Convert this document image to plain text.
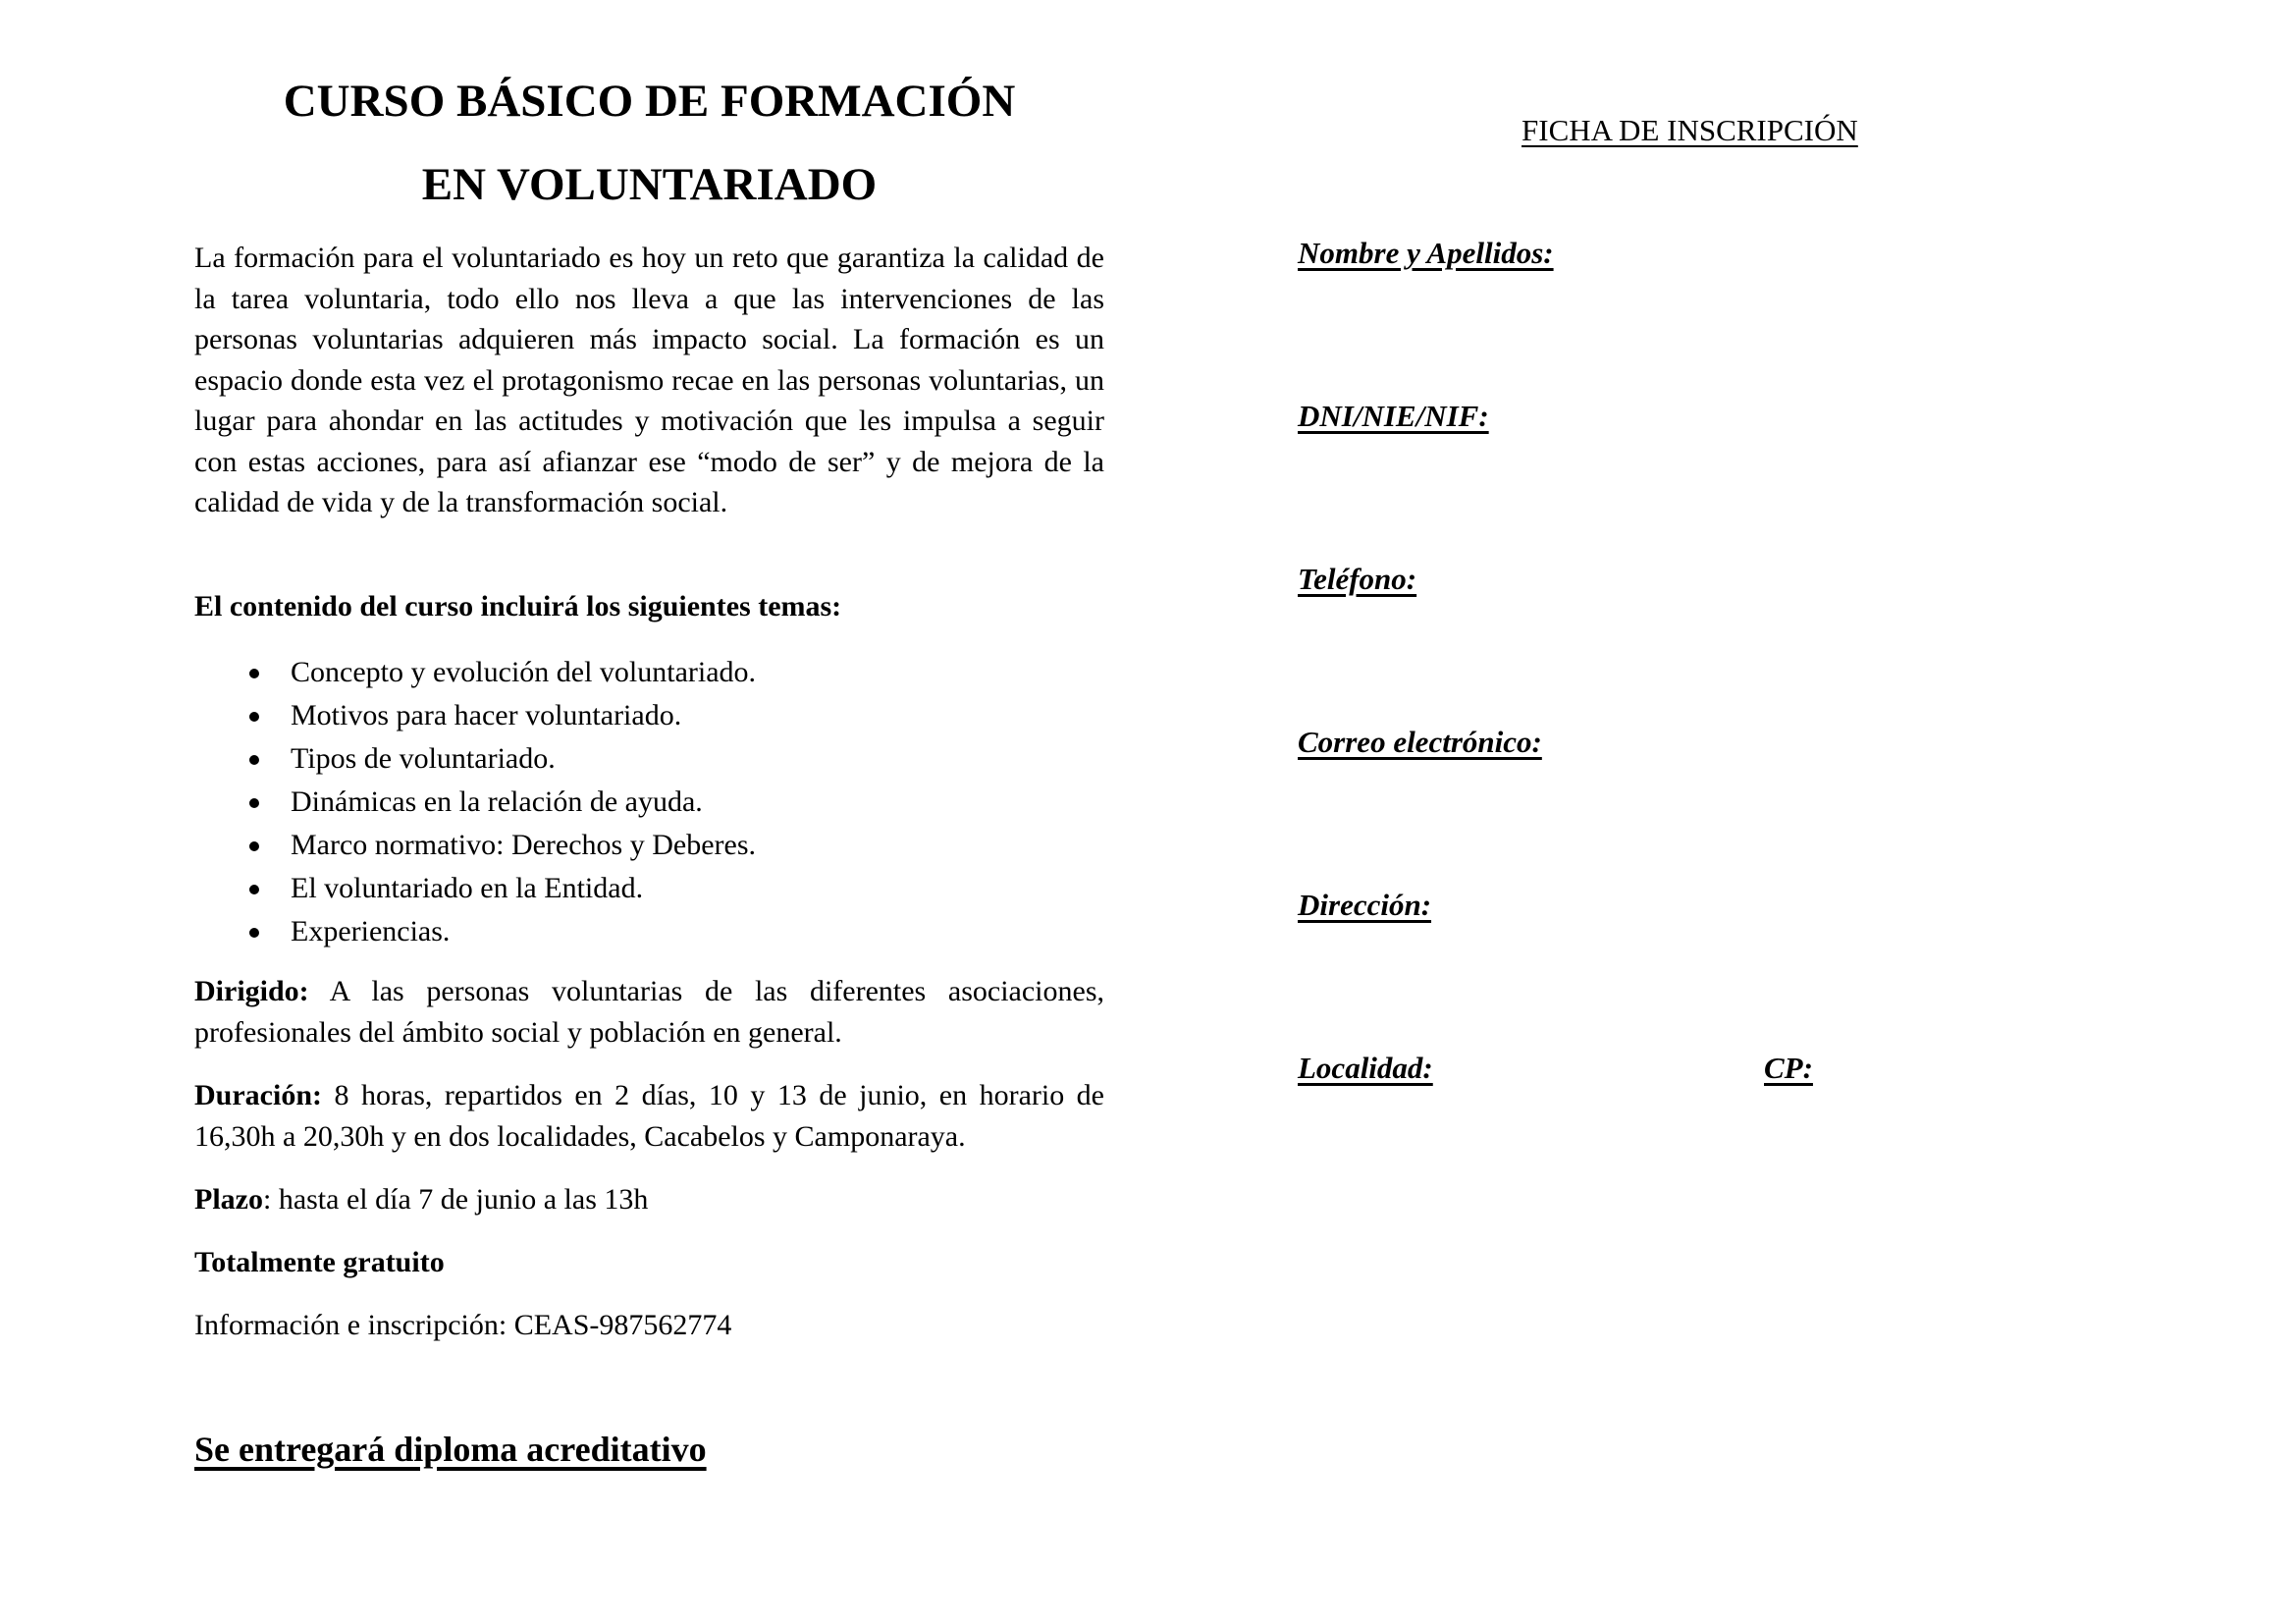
CURSO BÁSICO DE FORMACIÓN
EN VOLUNTARIADO
La formación para el voluntariado es hoy un reto que garantiza la calidad de la tarea voluntaria, todo ello nos lleva a que las intervenciones de las personas voluntarias adquieren más impacto social. La formación es un espacio donde esta vez el protagonismo recae en las personas voluntarias, un lugar para ahondar en las actitudes y motivación que les impulsa a seguir con estas acciones, para así afianzar ese “modo de ser” y de mejora de la calidad de vida y de la transformación social.
El contenido del curso incluirá los siguientes temas:
Concepto y evolución del voluntariado.
Motivos para hacer voluntariado.
Tipos de voluntariado.
Dinámicas en la relación de ayuda.
Marco normativo: Derechos y Deberes.
El voluntariado en la Entidad.
Experiencias.
Dirigido: A las personas voluntarias de las diferentes asociaciones, profesionales del ámbito social y población en general.
Duración: 8 horas, repartidos en 2 días, 10 y 13 de junio, en horario de 16,30h a 20,30h y en dos localidades, Cacabelos y Camponaraya.
Plazo: hasta el día 7 de junio a las 13h
Totalmente gratuito
Información e inscripción: CEAS-987562774
Se entregará diploma acreditativo
FICHA DE INSCRIPCIÓN
Nombre y Apellidos:
DNI/NIE/NIF:
Teléfono:
Correo electrónico:
Dirección:
Localidad:	CP:
